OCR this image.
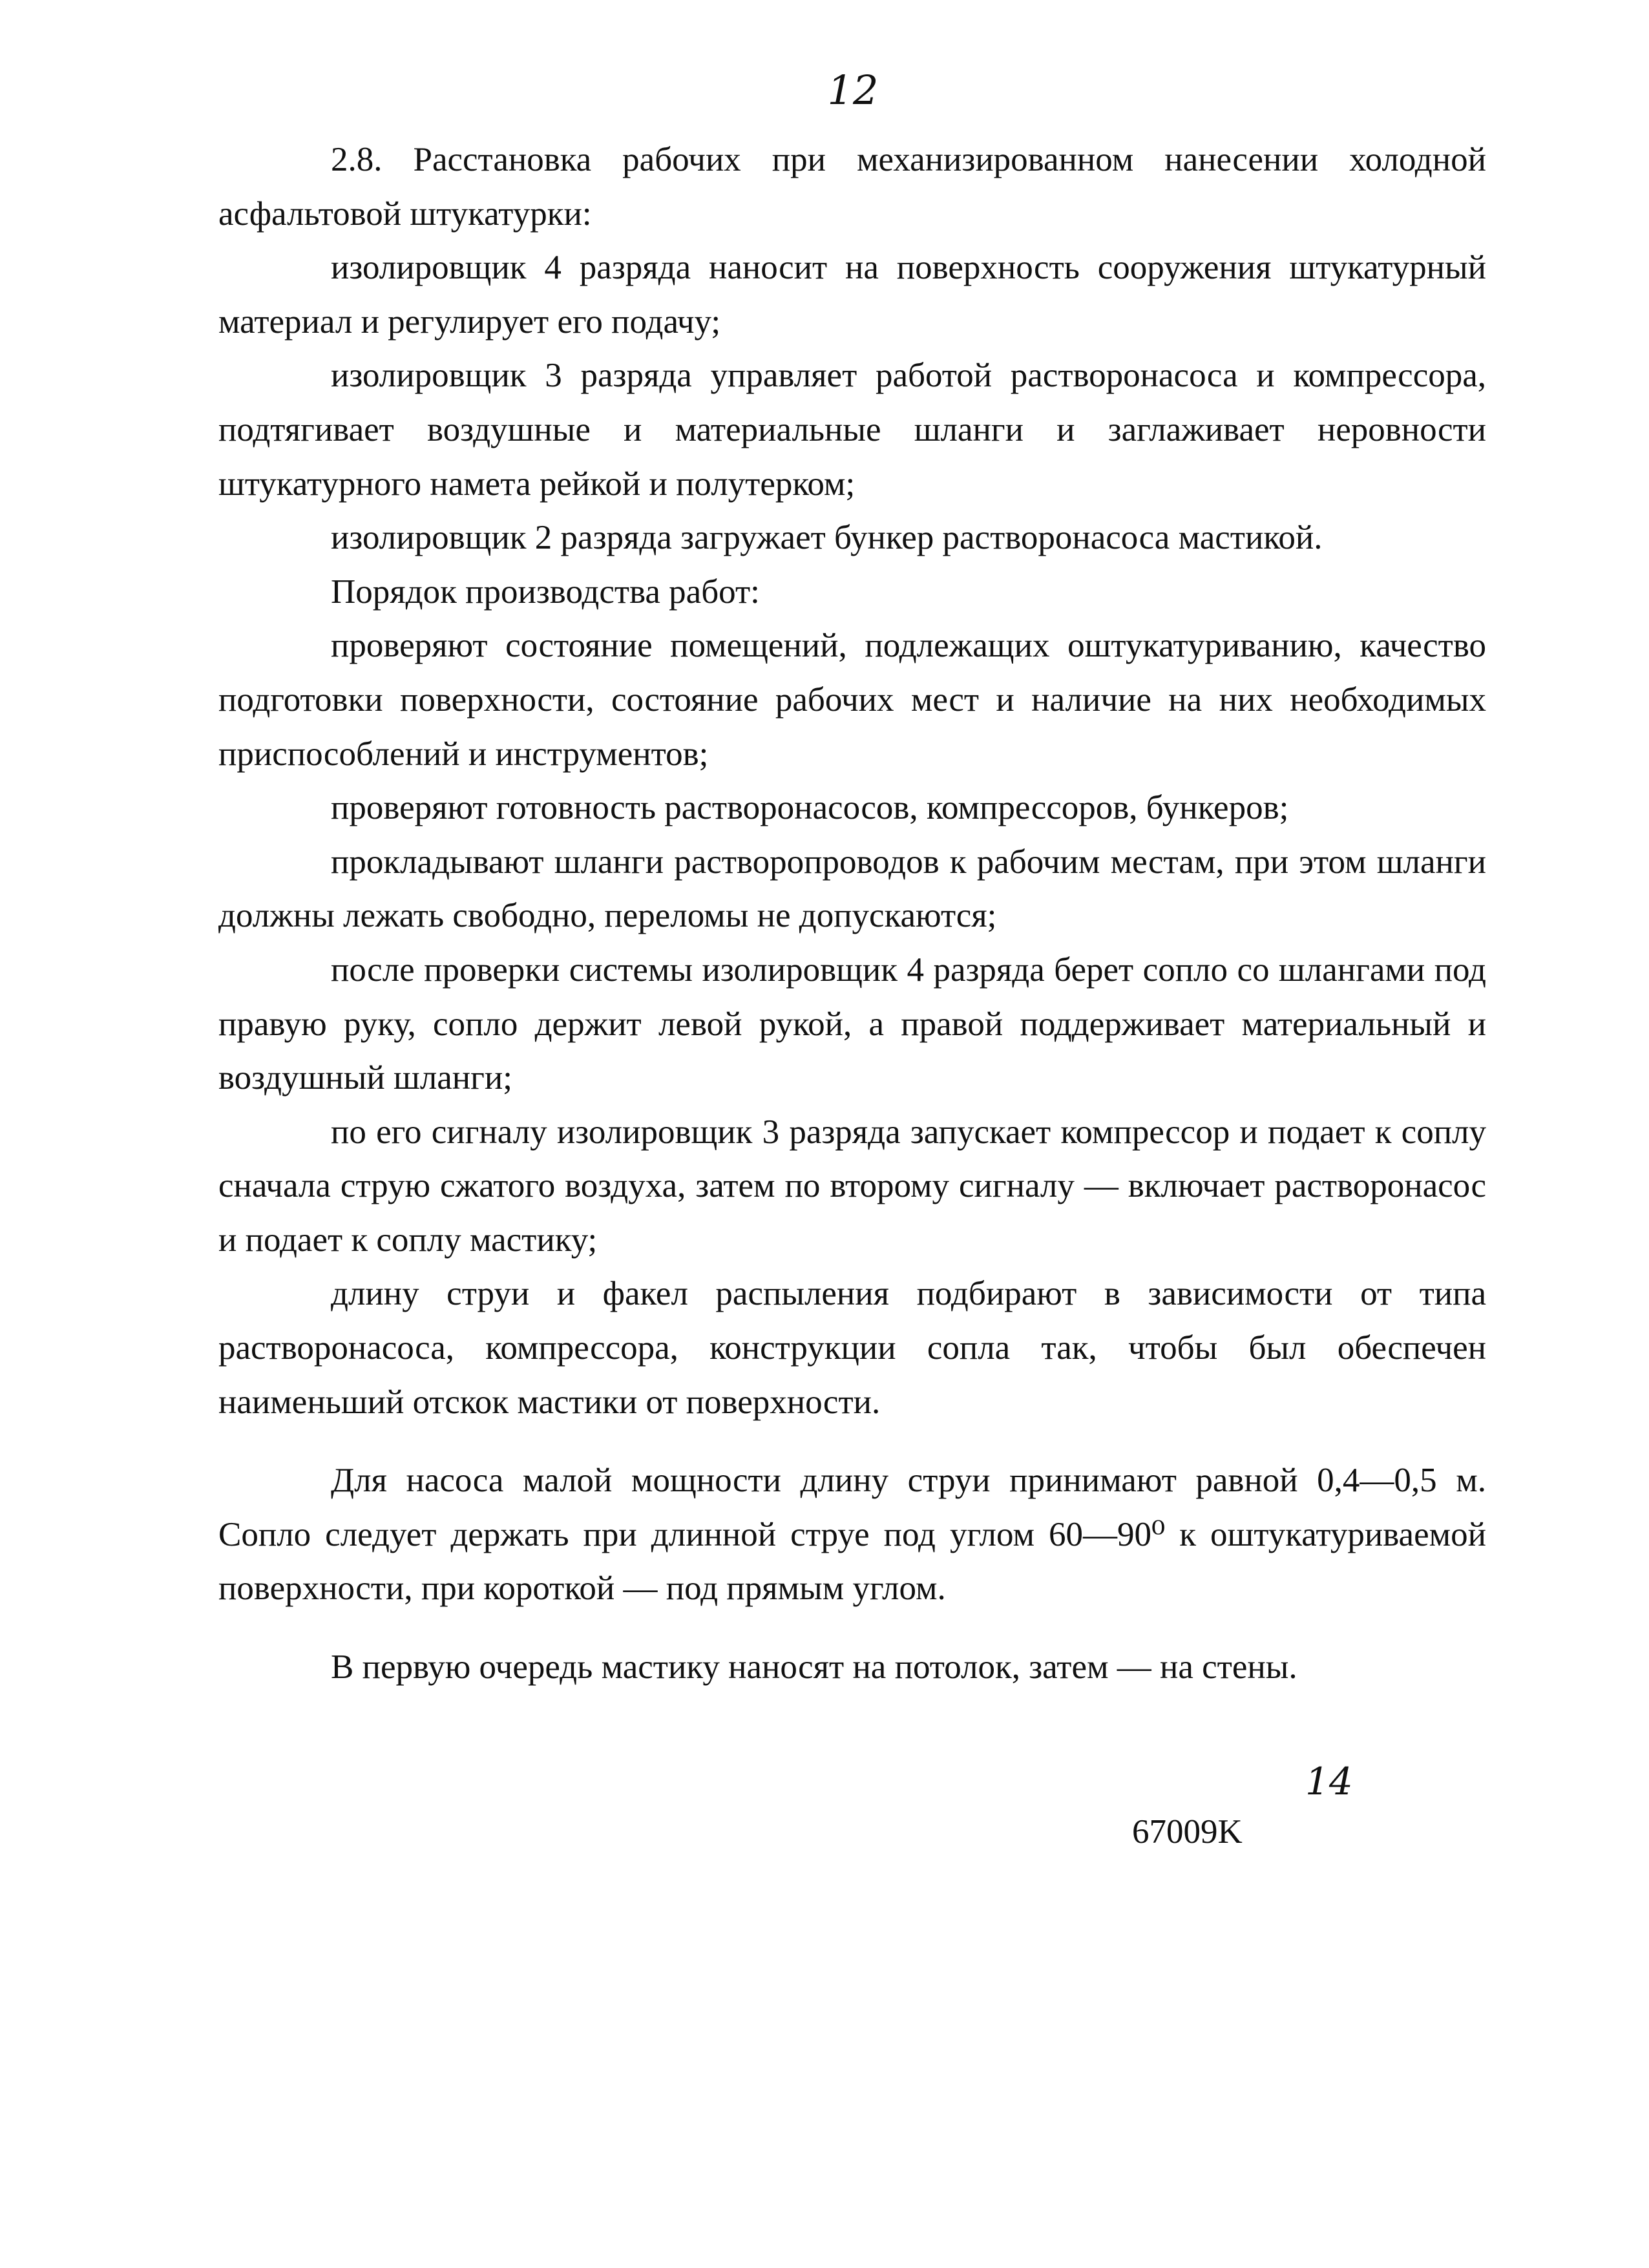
12

2.8. Расстановка рабочих при механизированном нанесении холодной асфальтовой штукатурки:

изолировщик 4 разряда наносит на поверхность сооружения штукатурный материал и регулирует его подачу;

изолировщик 3 разряда управляет работой растворонасоса и компрессора, подтягивает воздушные и материальные шланги и заглаживает неровности штукатурного намета рейкой и полутерком;

изолировщик 2 разряда загружает бункер растворонасоса мастикой.

Порядок производства работ:

проверяют состояние помещений, подлежащих оштукатуриванию, качество подготовки поверхности, состояние рабочих мест и наличие на них необходимых приспособлений и инструментов;

проверяют готовность растворонасосов, компрессоров, бункеров;

прокладывают шланги растворопроводов к рабочим местам, при этом шланги должны лежать свободно, переломы не допускаются;

после проверки системы изолировщик 4 разряда берет сопло со шлангами под правую руку, сопло держит левой рукой, а правой поддерживает материальный и воздушный шланги;

по его сигналу изолировщик 3 разряда запускает компрессор и подает к соплу сначала струю сжатого воздуха, затем по второму сигналу — включает растворонасос и подает к соплу мастику;

длину струи и факел распыления подбирают в зависимости от типа растворонасоса, компрессора, конструкции сопла так, чтобы был обеспечен наименьший отскок мастики от поверхности.

Для насоса малой мощности длину струи принимают равной 0,4—0,5 м. Сопло следует держать при длинной струе под углом 60—90⁰ к оштукатуриваемой поверхности, при короткой — под прямым углом.

В первую очередь мастику наносят на потолок, затем — на стены.

14
67009K
